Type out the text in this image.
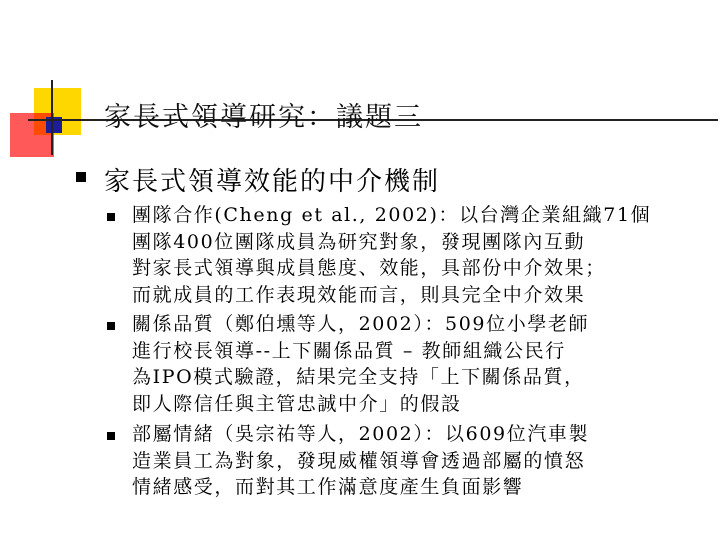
家長式領導研究：議題三
家長式領導效能的中介機制
團隊合作(Cheng et al., 2002)：以台灣企業組織71個
團隊400位團隊成員為研究對象，發現團隊內互動
對家長式領導與成員態度、效能，具部份中介效果；
而就成員的工作表現效能而言，則具完全中介效果
關係品質（鄭伯壎等人，2002）：509位小學老師
進行校長領導--上下關係品質 – 教師組織公民行
為IPO模式驗證，結果完全支持「上下關係品質，
即人際信任與主管忠誠中介」的假設
部屬情緒（吳宗祐等人，2002）：以609位汽車製
造業員工為對象，發現威權領導會透過部屬的憤怒
情緒感受，而對其工作滿意度產生負面影響
